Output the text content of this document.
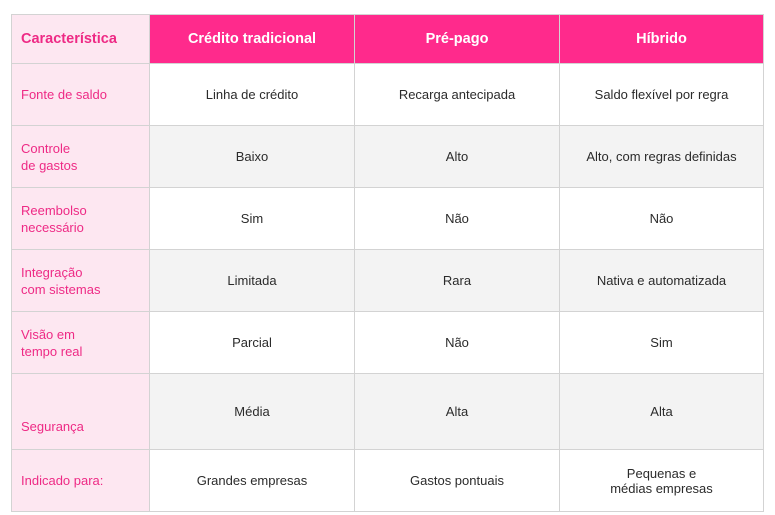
Característica	Crédito tradicional	Pré-pago	Híbrido

Fonte de saldo	Linha de crédito	Recarga antecipada	Saldo flexível por regra

Controle
de gastos	Baixo	Alto	Alto, com regras definidas

Reembolso
necessário	Sim	Não	Não

Integração
com sistemas	Limitada	Rara	Nativa e automatizada

Visão em
tempo real	Parcial	Não	Sim

Segurança	Média	Alta	Alta

Indicado para:	Grandes empresas	Gastos pontuais	Pequenas e
médias empresas
